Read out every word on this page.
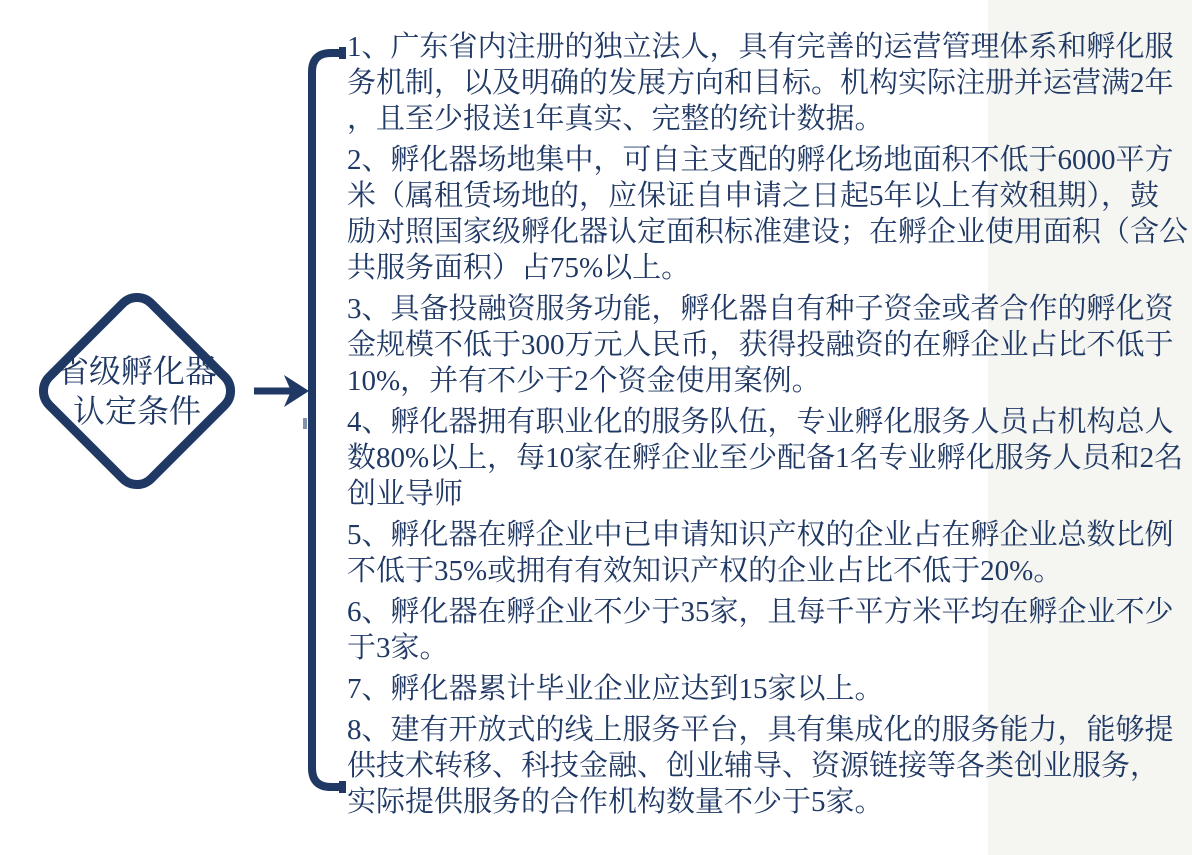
省级孵化器
认定条件
1、广东省内注册的独立法人，具有完善的运营管理体系和孵化服
务机制，以及明确的发展方向和目标。机构实际注册并运营满2年
，且至少报送1年真实、完整的统计数据。
2、孵化器场地集中，可自主支配的孵化场地面积不低于6000平方
米（属租赁场地的，应保证自申请之日起5年以上有效租期），鼓
励对照国家级孵化器认定面积标准建设；在孵企业使用面积（含公
共服务面积）占75%以上。
3、具备投融资服务功能，孵化器自有种子资金或者合作的孵化资
金规模不低于300万元人民币，获得投融资的在孵企业占比不低于
10%，并有不少于2个资金使用案例。
4、孵化器拥有职业化的服务队伍，专业孵化服务人员占机构总人
数80%以上，每10家在孵企业至少配备1名专业孵化服务人员和2名
创业导师
5、孵化器在孵企业中已申请知识产权的企业占在孵企业总数比例
不低于35%或拥有有效知识产权的企业占比不低于20%。
6、孵化器在孵企业不少于35家，且每千平方米平均在孵企业不少
于3家。
7、孵化器累计毕业企业应达到15家以上。
8、建有开放式的线上服务平台，具有集成化的服务能力，能够提
供技术转移、科技金融、创业辅导、资源链接等各类创业服务，
实际提供服务的合作机构数量不少于5家。
